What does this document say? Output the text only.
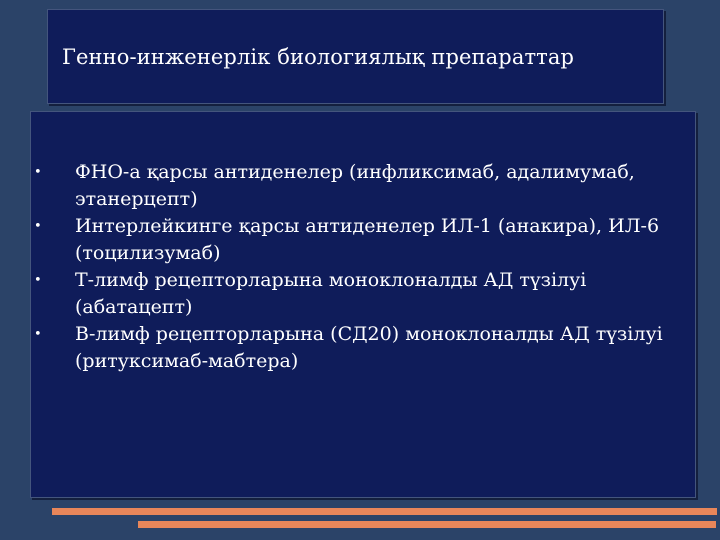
Генно-инженерлік биологиялық препараттар
•	ФНО-а қарсы антиденелер (инфликсимаб, адалимумаб, этанерцепт)
•	Интерлейкинге қарсы антиденелер ИЛ-1 (анакира), ИЛ-6 (тоцилизумаб)
•	Т-лимф рецепторларына моноклоналды АД түзілуі (абатацепт)
•	В-лимф рецепторларына (СД20) моноклоналды АД түзілуі (ритуксимаб-мабтера)
